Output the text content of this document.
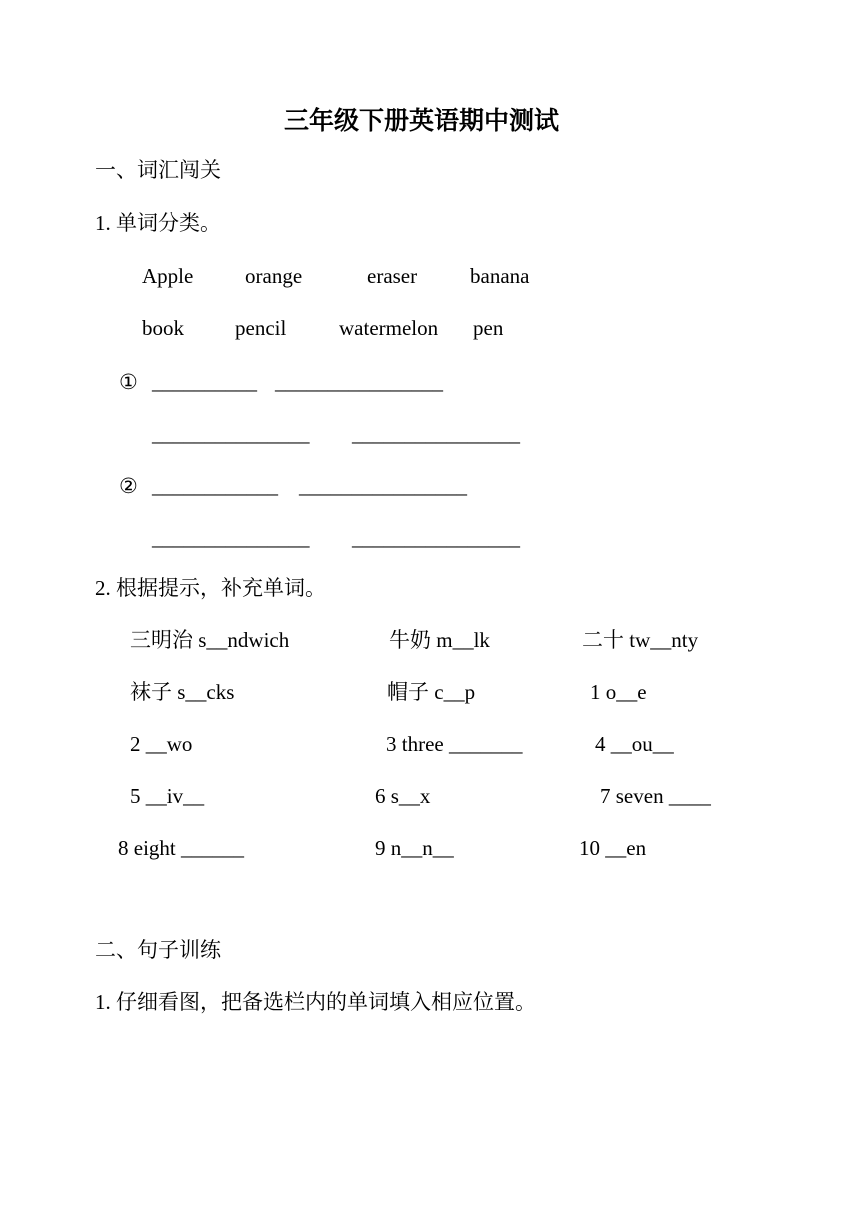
三年级下册英语期中测试
一、词汇闯关
1. 单词分类。
Apple orange	eraser	banana
book pencil	watermelon pen
① __________ ________________
_______________ ________________
② ____________ ________________
_______________ ________________
2. 根据提示，补充单词。
三明治 s__ndwich	牛奶 m__lk	二十 tw__nty
袜子 s__cks	帽子 c__p	1 o__e
2 __wo	3 three _______	4 __ou__
5 __iv__	6 s__x	7 seven ____
8 eight ______	9 n__n__	10 __en
二、句子训练
1. 仔细看图，把备选栏内的单词填入相应位置。
